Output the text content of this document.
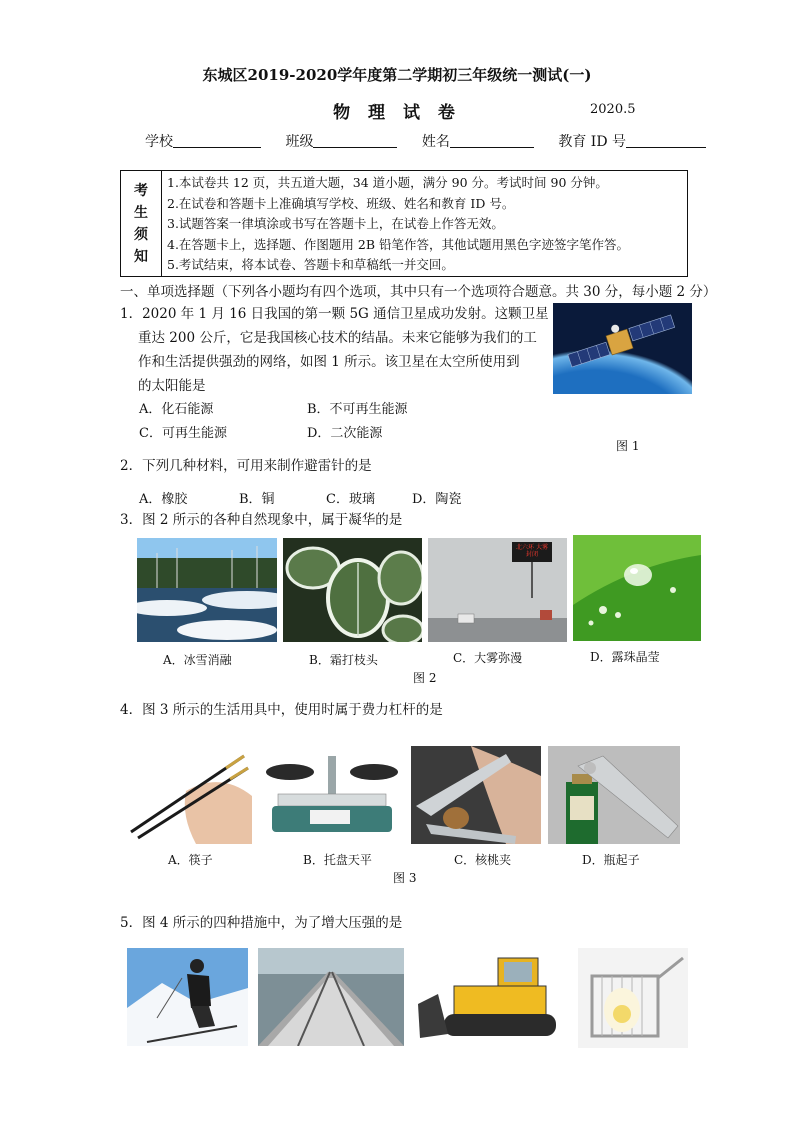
东城区2019-2020学年度第二学期初三年级统一测试(一)
物 理 试 卷	2020.5
学校	班级	姓名	教育 ID 号
考
生
须
知
1.本试卷共 12 页，共五道大题，34 道小题，满分 90 分。考试时间 90 分钟。
2.在试卷和答题卡上准确填写学校、班级、姓名和教育 ID 号。
3.试题答案一律填涂或书写在答题卡上，在试卷上作答无效。
4.在答题卡上，选择题、作图题用 2B 铅笔作答，其他试题用黑色字迹签字笔作答。
5.考试结束，将本试卷、答题卡和草稿纸一并交回。
一、单项选择题（下列各小题均有四个选项，其中只有一个选项符合题意。共 30 分，每小题 2 分）
1．2020 年 1 月 16 日我国的第一颗 5G 通信卫星成功发射。这颗卫星
重达 200 公斤，它是我国核心技术的结晶。未来它能够为我们的工
作和生活提供强劲的网络，如图 1 所示。该卫星在太空所使用到
的太阳能是
A．化石能源	B．不可再生能源
C．可再生能源	D．二次能源
图 1
2．下列几种材料，可用来制作避雷针的是
A．橡胶	B．铜	C．玻璃	D．陶瓷
3．图 2 所示的各种自然现象中，属于凝华的是
北六环 大雾封闭
A．冰雪消融	B．霜打枝头	C．大雾弥漫	D．露珠晶莹
图 2
4．图 3 所示的生活用具中，使用时属于费力杠杆的是
A．筷子	B．托盘天平	C．核桃夹	D．瓶起子
图 3
5．图 4 所示的四种措施中，为了增大压强的是
